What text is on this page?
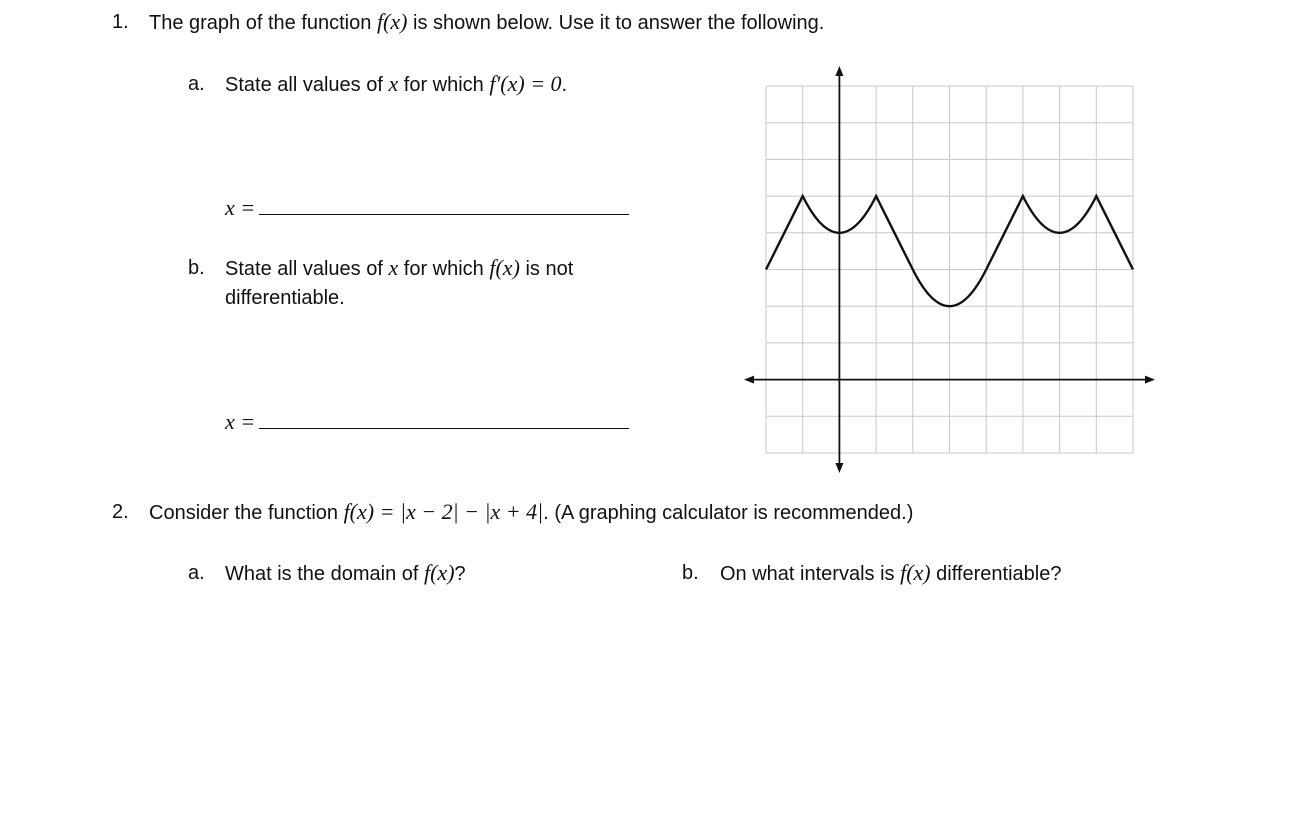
1. The graph of the function f(x) is shown below. Use it to answer the following.
a. State all values of x for which f′(x) = 0.
x =
b. State all values of x for which f(x) is not
differentiable.
x =
2. Consider the function f(x) = |x − 2| − |x + 4|. (A graphing calculator is recommended.)
a. What is the domain of f(x)?	b. On what intervals is f(x) differentiable?
